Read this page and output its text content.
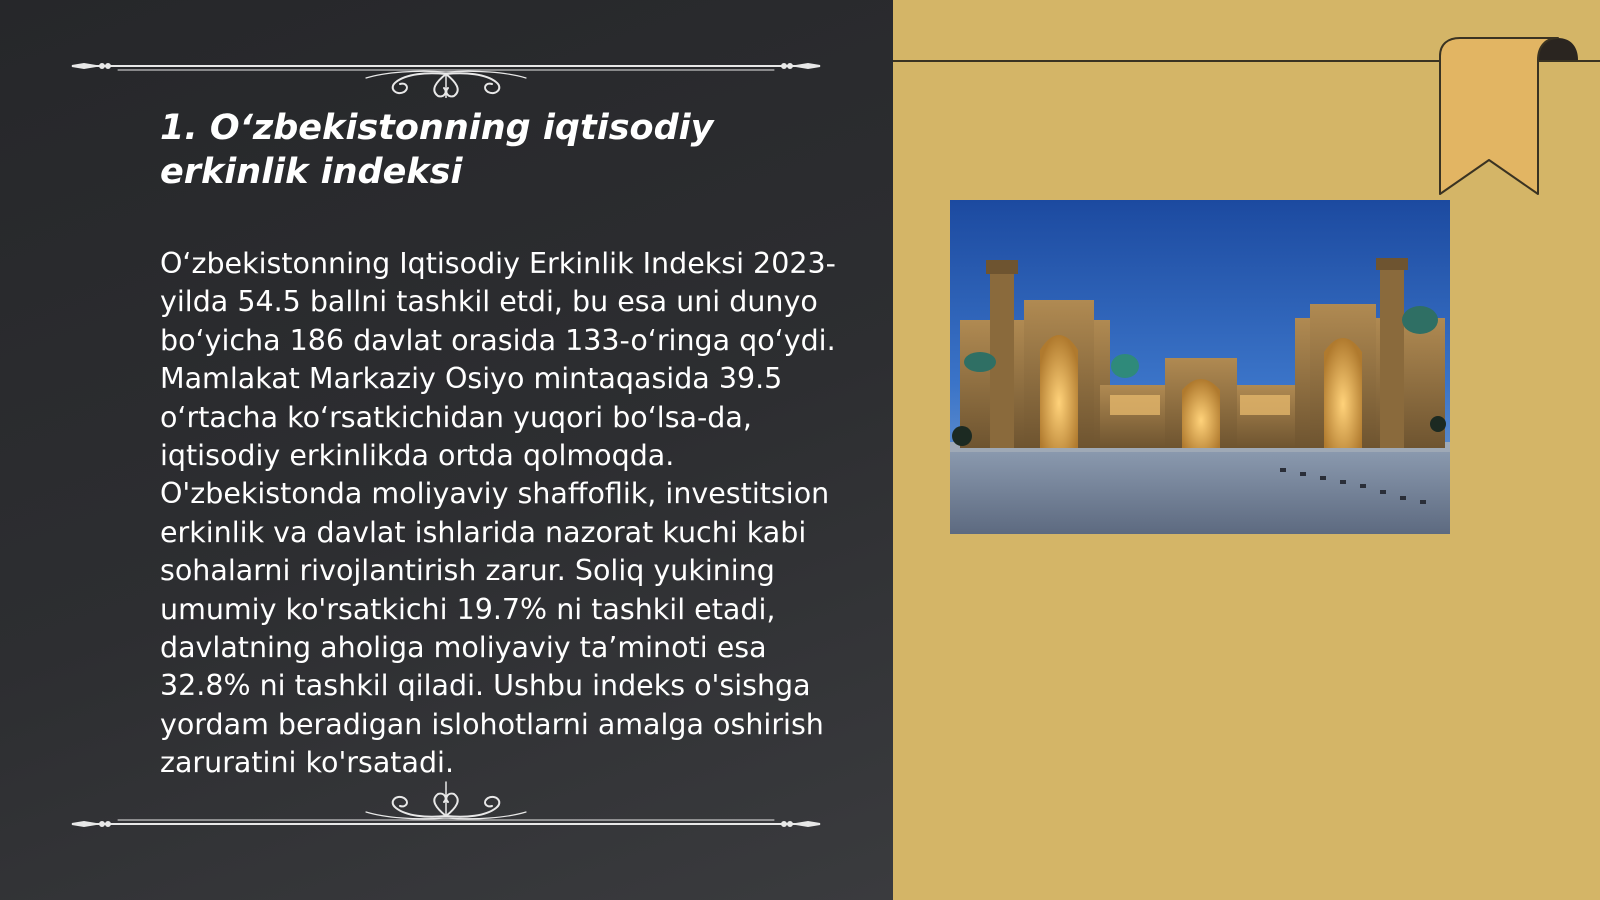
1. O‘zbekistonning iqtisodiy erkinlik indeksi

O‘zbekistonning Iqtisodiy Erkinlik Indeksi 2023-yilda 54.5 ballni tashkil etdi, bu esa uni dunyo bo‘yicha 186 davlat orasida 133-o‘ringa qo‘ydi. Mamlakat Markaziy Osiyo mintaqasida 39.5 o‘rtacha ko‘rsatkichidan yuqori bo‘lsa-da, iqtisodiy erkinlikda ortda qolmoqda. O'zbekistonda moliyaviy shaffoflik, investitsion erkinlik va davlat ishlarida nazorat kuchi kabi sohalarni rivojlantirish zarur. Soliq yukining umumiy ko'rsatkichi 19.7% ni tashkil etadi, davlatning aholiga moliyaviy ta’minoti esa 32.8% ni tashkil qiladi. Ushbu indeks o'sishga yordam beradigan islohotlarni amalga oshirish zaruratini ko'rsatadi.
